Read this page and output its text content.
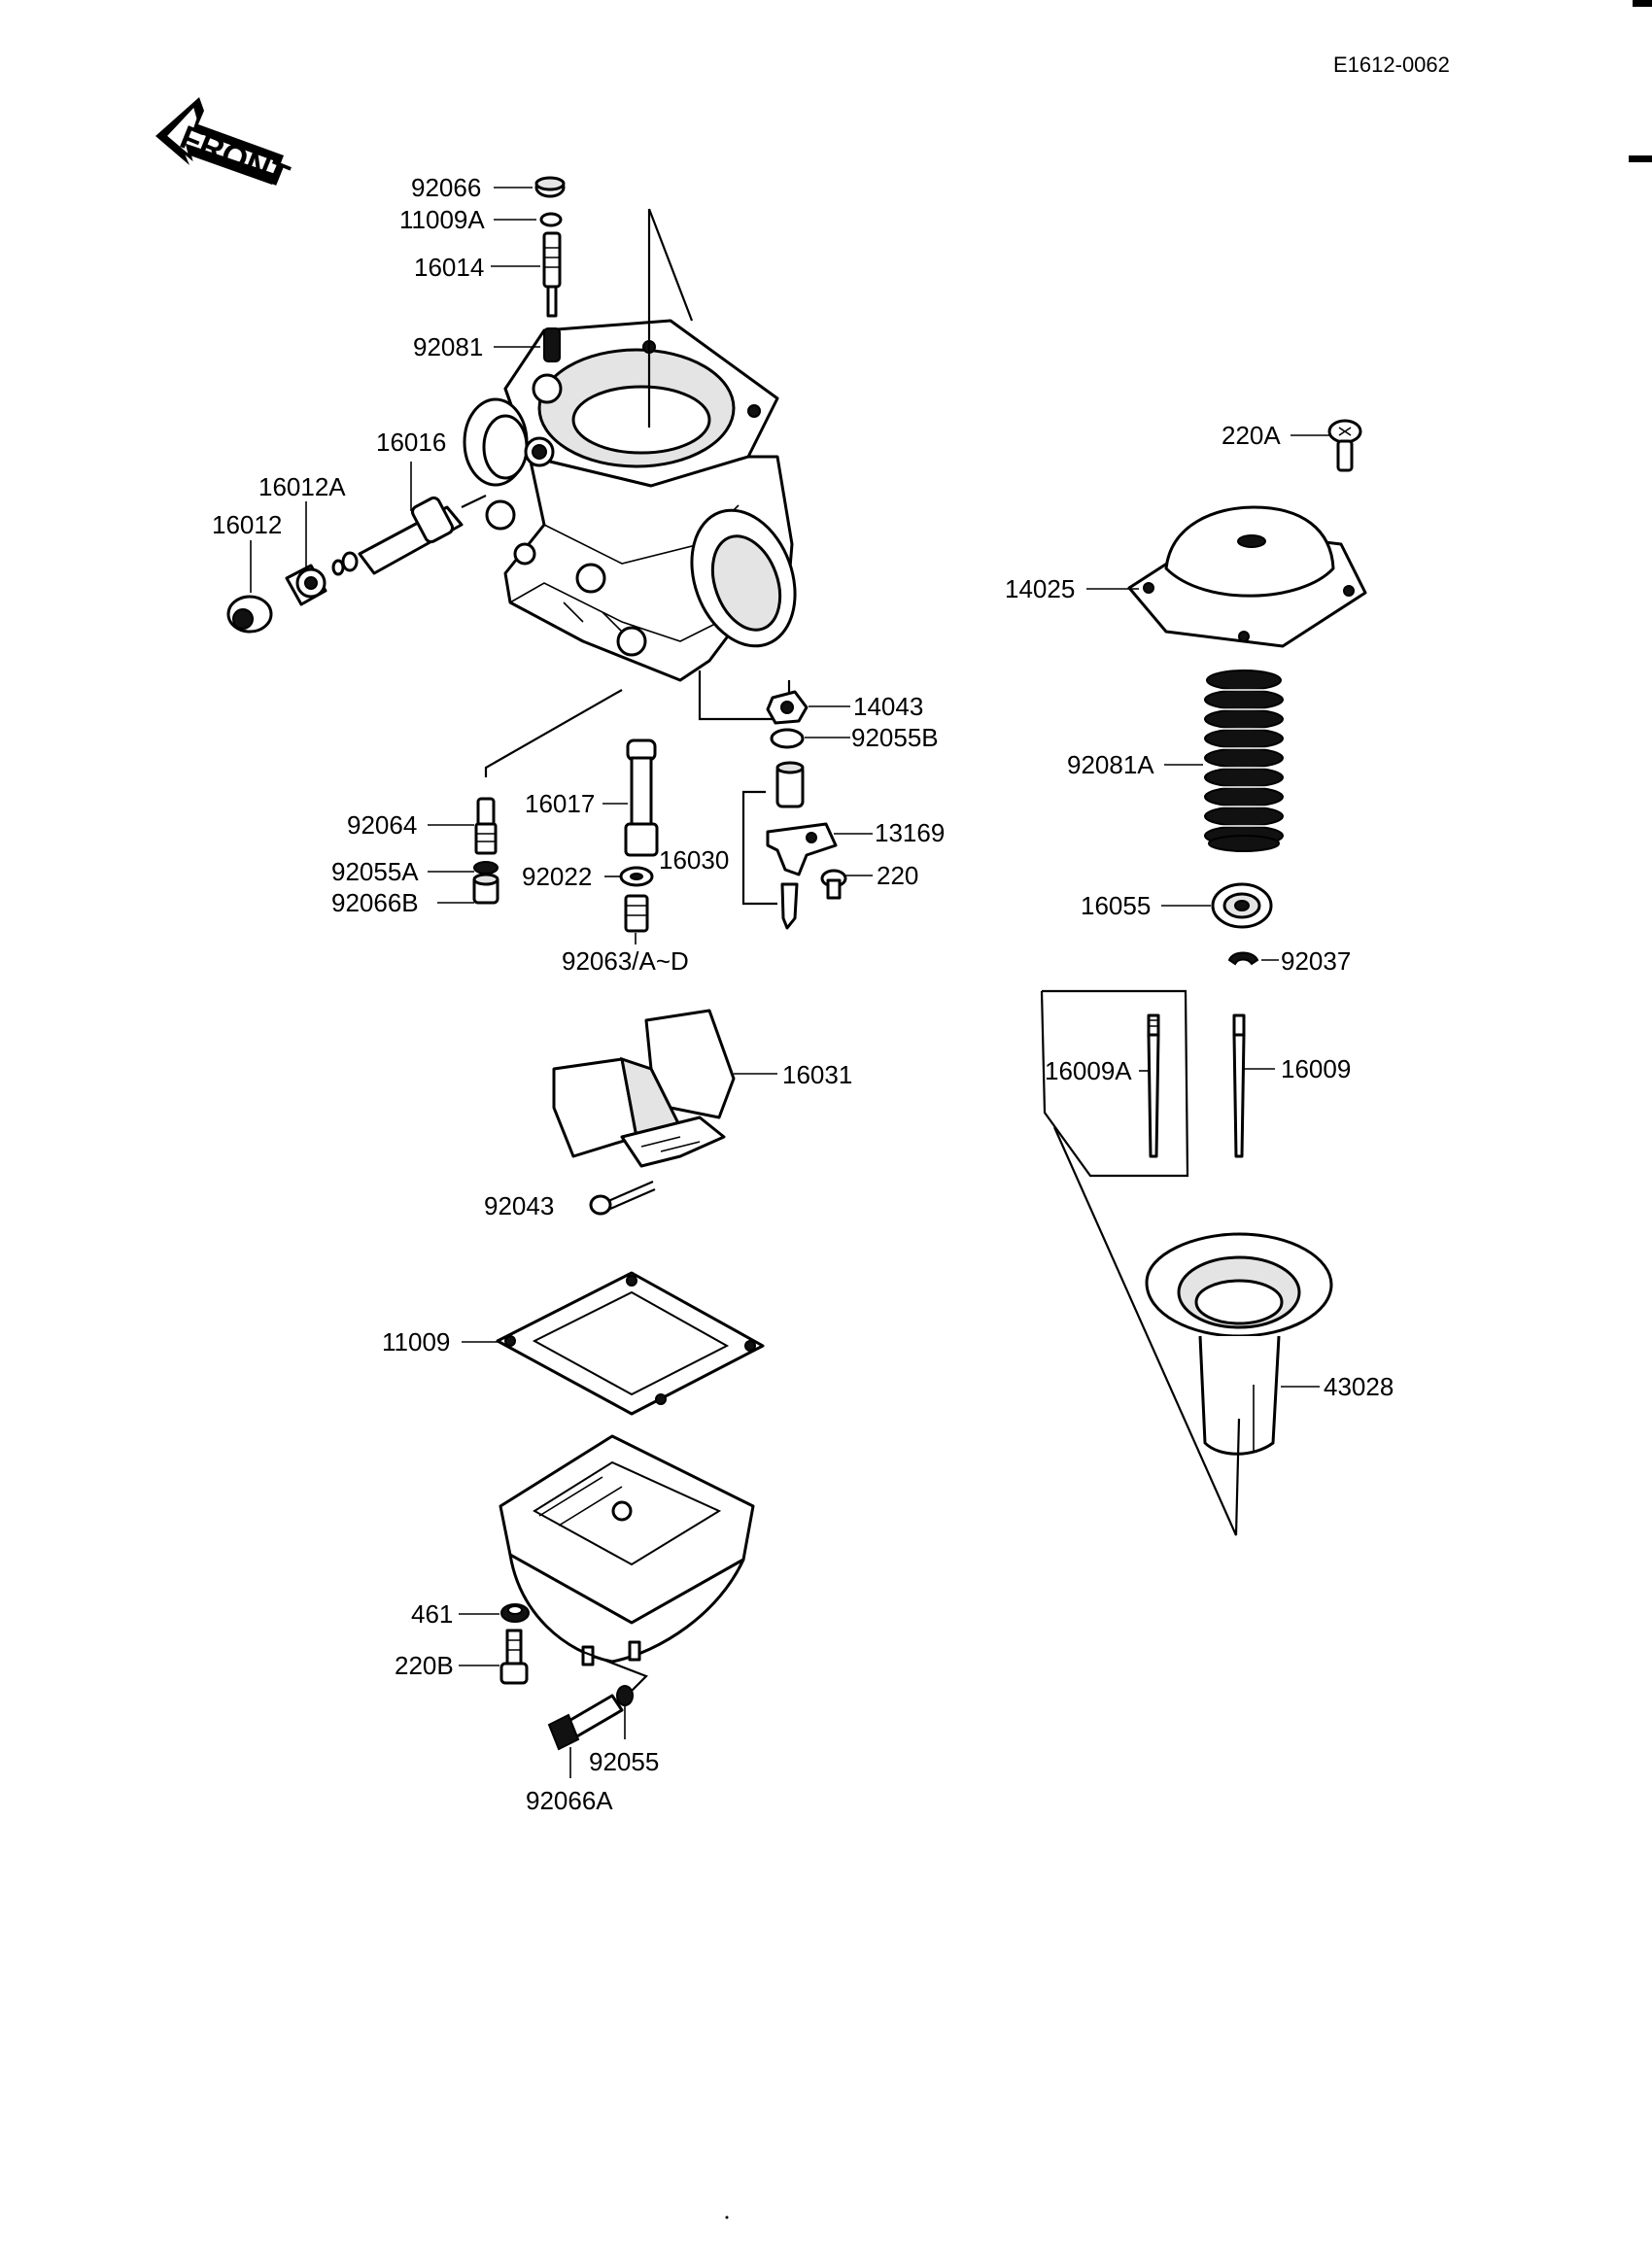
E1612-0062
FRONT	92066
11009A
16014
92081
16016
16012A
16012
14043
92055B
16017
92064	13169
16030
92055A	92022	220
92066B
92063/A~D
16031
92043
11009
461
220B
92055
92066A
220A
14025
92081A
16055
92037
16009A	16009
43028
